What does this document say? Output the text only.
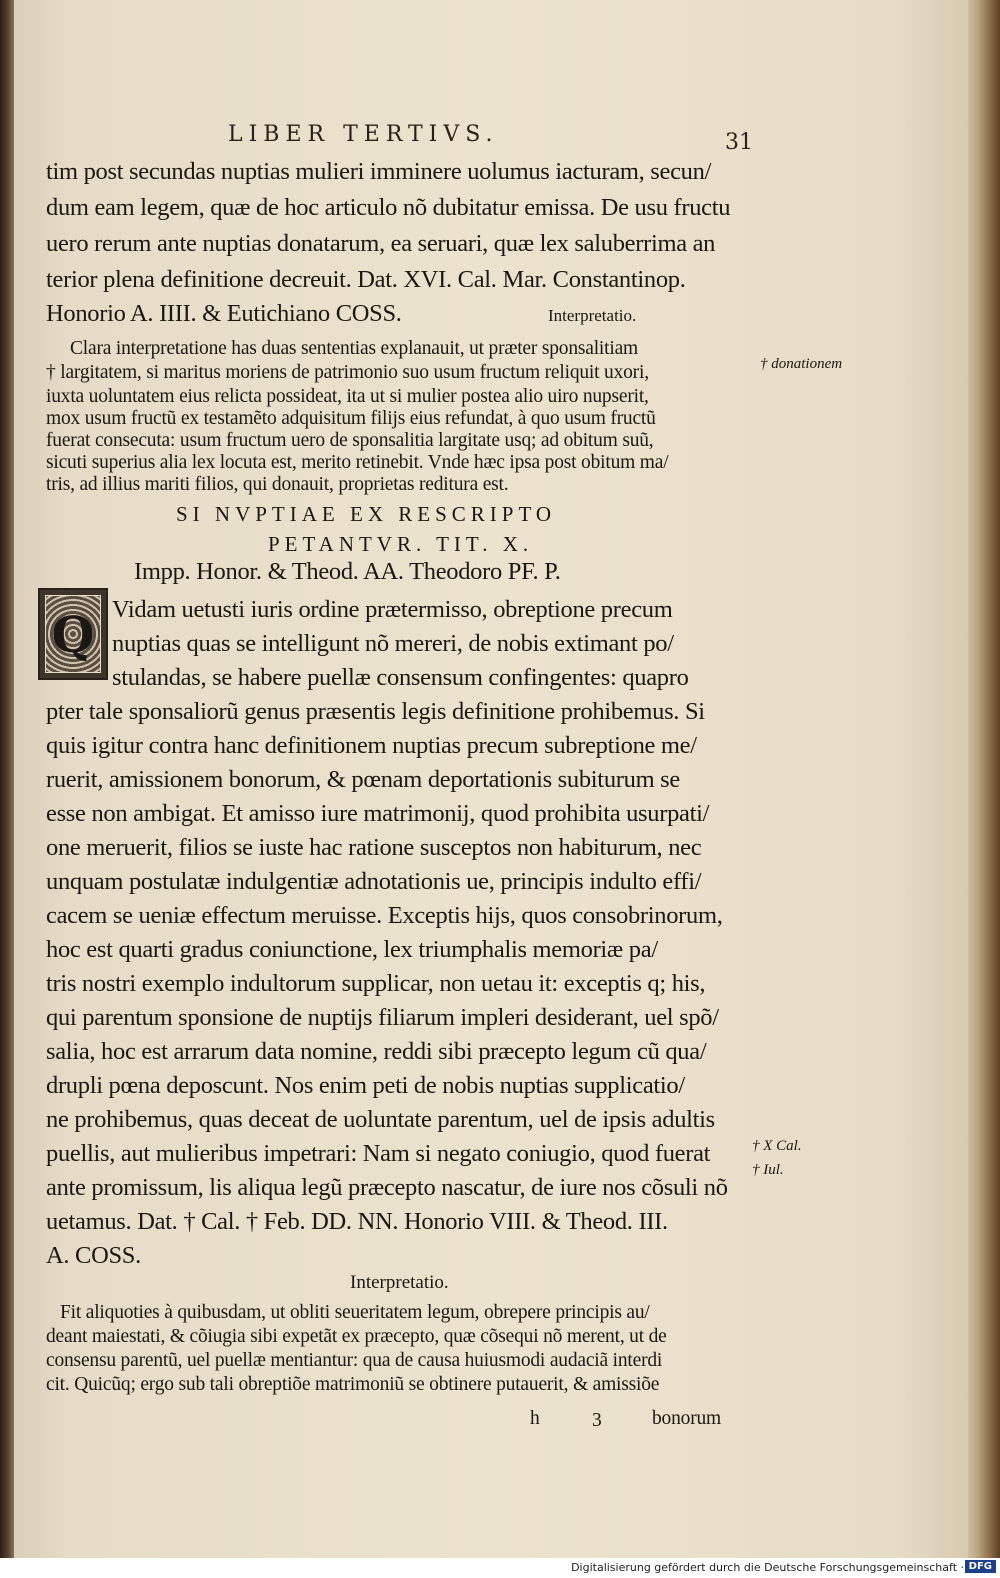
LIBER TERTIVS.	31
tim post secundas nuptias mulieri imminere uolumus iacturam, secun/
dum eam legem, quæ de hoc articulo nõ dubitatur emissa. De usu fructu
uero rerum ante nuptias donatarum, ea seruari, quæ lex saluberrima an
terior plena definitione decreuit. Dat. XVI. Cal. Mar. Constantinop.
Honorio A. IIII. & Eutichiano COSS.	Interpretatio.
Clara interpretatione has duas sententias explanauit, ut præter sponsalitiam
† largitatem, si maritus moriens de patrimonio suo usum fructum reliquit uxori,
iuxta uoluntatem eius relicta possideat, ita ut si mulier postea alio uiro nupserit,
mox usum fructũ ex testamẽto adquisitum filijs eius refundat, à quo usum fructũ
fuerat consecuta: usum fructum uero de sponsalitia largitate usq; ad obitum suũ,
sicuti superius alia lex locuta est, merito retinebit. Vnde hæc ipsa post obitum ma/
tris, ad illius mariti filios, qui donauit, proprietas reditura est.
SI NVPTIAE EX RESCRIPTO
PETANTVR. TIT. X.
Impp. Honor. & Theod. AA. Theodoro PF. P.
Q Vidam uetusti iuris ordine prætermisso, obreptione precum
nuptias quas se intelligunt nõ mereri, de nobis extimant po/
stulandas, se habere puellæ consensum confingentes: quapro
pter tale sponsaliorũ genus præsentis legis definitione prohibemus. Si
quis igitur contra hanc definitionem nuptias precum subreptione me/
ruerit, amissionem bonorum, & pœnam deportationis subiturum se
esse non ambigat. Et amisso iure matrimonij, quod prohibita usurpati/
one meruerit, filios se iuste hac ratione susceptos non habiturum, nec
unquam postulatæ indulgentiæ adnotationis ue, principis indulto effi/
cacem se ueniæ effectum meruisse. Exceptis hijs, quos consobrinorum,
hoc est quarti gradus coniunctione, lex triumphalis memoriæ pa/
tris nostri exemplo indultorum supplicar, non uetau it: exceptis q; his,
qui parentum sponsione de nuptijs filiarum impleri desiderant, uel spõ/
salia, hoc est arrarum data nomine, reddi sibi præcepto legum cũ qua/
drupli pœna deposcunt. Nos enim peti de nobis nuptias supplicatio/
ne prohibemus, quas deceat de uoluntate parentum, uel de ipsis adultis
puellis, aut mulieribus impetrari: Nam si negato coniugio, quod fuerat
ante promissum, lis aliqua legũ præcepto nascatur, de iure nos cõsuli nõ
uetamus. Dat. † Cal. † Feb. DD. NN. Honorio VIII. & Theod. III.
A. COSS.
Interpretatio.
Fit aliquoties à quibusdam, ut obliti seueritatem legum, obrepere principis au/
deant maiestati, & cõiugia sibi expetãt ex præcepto, quæ cõsequi nõ merent, ut de
consensu parentũ, uel puellæ mentiantur: qua de causa huiusmodi audaciã interdi
cit. Quicũq; ergo sub tali obreptiõe matrimoniũ se obtinere putauerit, & amissiõe
h	3	bonorum
† donationem
† X Cal.
† Iul.
Digitalisierung gefördert durch die Deutsche Forschungsgemeinschaft · DFG
